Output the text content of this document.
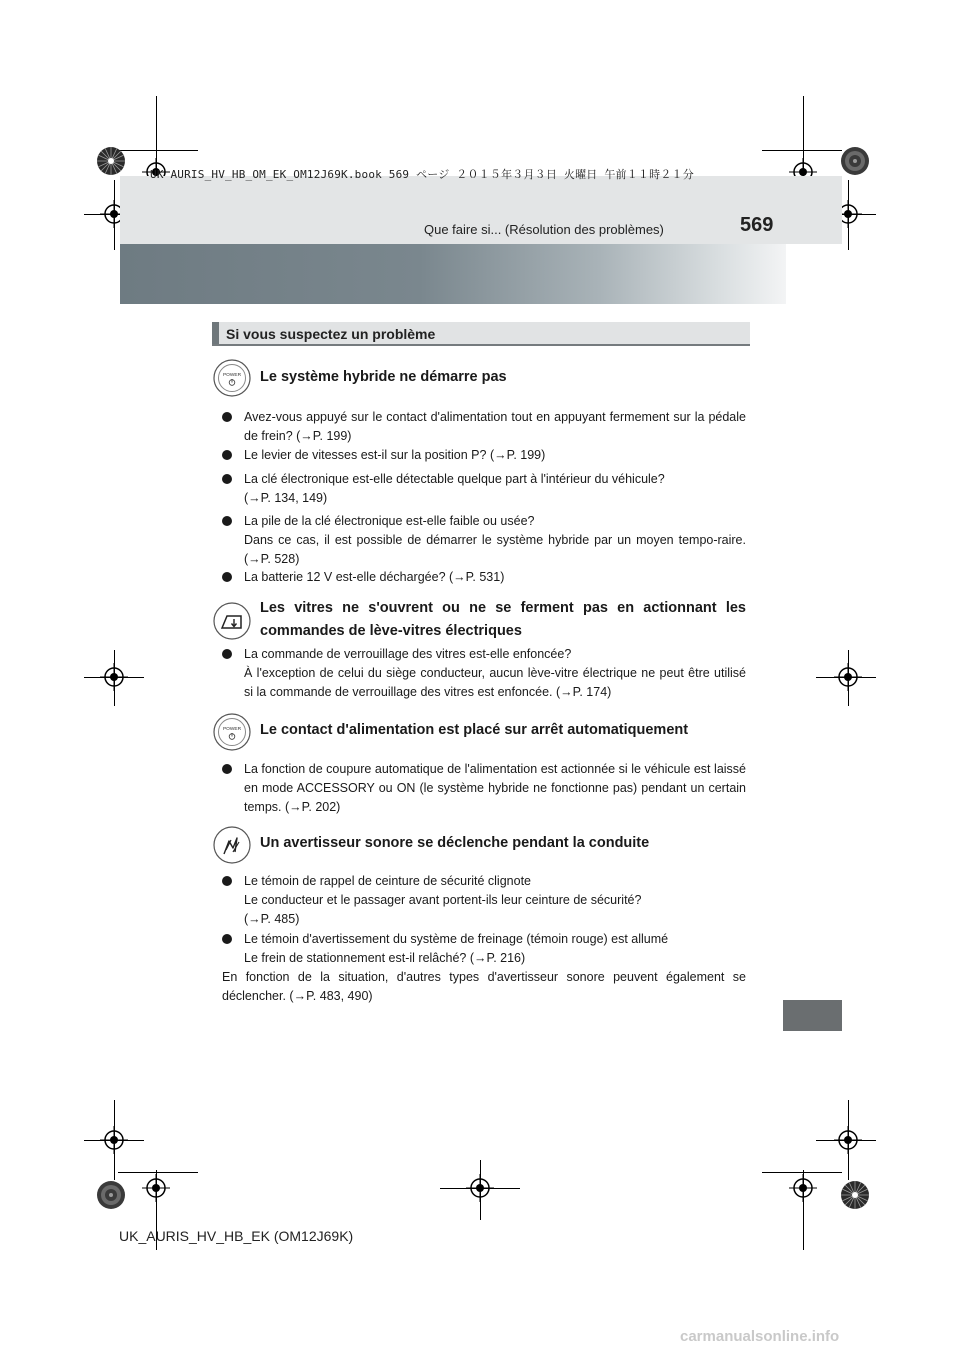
UK AURIS_HV_HB_OM_EK_OM12J69K.book 569 ページ ２０１５年３月３日 火曜日 午前１１時２１分
Que faire si... (Résolution des problèmes)	569
Si vous suspectez un problème
POWER Le système hybride ne démarre pas
Avez-vous appuyé sur le contact d'alimentation tout en appuyant fermement sur la pédale de frein? (→P. 199)
Le levier de vitesses est-il sur la position P? (→P. 199)
La clé électronique est-elle détectable quelque part à l'intérieur du véhicule?
(→P. 134, 149)
La pile de la clé électronique est-elle faible ou usée?
Dans ce cas, il est possible de démarrer le système hybride par un moyen tempo-raire. (→P. 528)
La batterie 12 V est-elle déchargée? (→P. 531)
Les vitres ne s'ouvrent ou ne se ferment pas en actionnant les commandes de lève-vitres électriques
La commande de verrouillage des vitres est-elle enfoncée?
À l'exception de celui du siège conducteur, aucun lève-vitre électrique ne peut être utilisé si la commande de verrouillage des vitres est enfoncée. (→P. 174)
POWER Le contact d'alimentation est placé sur arrêt automatiquement
La fonction de coupure automatique de l'alimentation est actionnée si le véhicule est laissé en mode ACCESSORY ou ON (le système hybride ne fonctionne pas) pendant un certain temps. (→P. 202)
Un avertisseur sonore se déclenche pendant la conduite
Le témoin de rappel de ceinture de sécurité clignote
Le conducteur et le passager avant portent-ils leur ceinture de sécurité?
(→P. 485)
Le témoin d'avertissement du système de freinage (témoin rouge) est allumé
Le frein de stationnement est-il relâché? (→P. 216)
En fonction de la situation, d'autres types d'avertisseur sonore peuvent également se déclencher. (→P. 483, 490)
UK_AURIS_HV_HB_EK (OM12J69K)
carmanualsonline.info
